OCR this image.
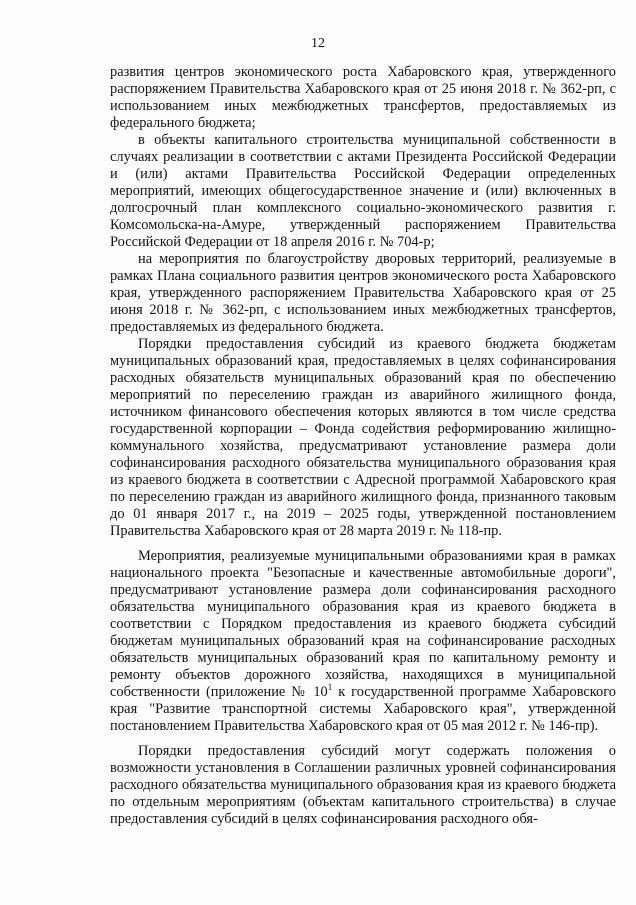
12

развития центров экономического роста Хабаровского края, утвержденного распоряжением Правительства Хабаровского края от 25 июня 2018 г. № 362-рп, с использованием иных межбюджетных трансфертов, предоставляемых из федерального бюджета;

в объекты капитального строительства муниципальной собственности в случаях реализации в соответствии с актами Президента Российской Федерации и (или) актами Правительства Российской Федерации определенных мероприятий, имеющих общегосударственное значение и (или) включенных в долгосрочный план комплексного социально-экономического развития г. Комсомольска-на-Амуре, утвержденный распоряжением Правительства Российской Федерации от 18 апреля 2016 г. № 704-р;

на мероприятия по благоустройству дворовых территорий, реализуемые в рамках Плана социального развития центров экономического роста Хабаровского края, утвержденного распоряжением Правительства Хабаровского края от 25 июня 2018 г. № 362-рп, с использованием иных межбюджетных трансфертов, предоставляемых из федерального бюджета.

Порядки предоставления субсидий из краевого бюджета бюджетам муниципальных образований края, предоставляемых в целях софинансирования расходных обязательств муниципальных образований края по обеспечению мероприятий по переселению граждан из аварийного жилищного фонда, источником финансового обеспечения которых являются в том числе средства государственной корпорации – Фонда содействия реформированию жилищно-коммунального хозяйства, предусматривают установление размера доли софинансирования расходного обязательства муниципального образования края из краевого бюджета в соответствии с Адресной программой Хабаровского края по переселению граждан из аварийного жилищного фонда, признанного таковым до 01 января 2017 г., на 2019 – 2025 годы, утвержденной постановлением Правительства Хабаровского края от 28 марта 2019 г. № 118-пр.

Мероприятия, реализуемые муниципальными образованиями края в рамках национального проекта "Безопасные и качественные автомобильные дороги", предусматривают установление размера доли софинансирования расходного обязательства муниципального образования края из краевого бюджета в соответствии с Порядком предоставления из краевого бюджета субсидий бюджетам муниципальных образований края на софинансирование расходных обязательств муниципальных образований края по капитальному ремонту и ремонту объектов дорожного хозяйства, находящихся в муниципальной собственности (приложение № $10^1$ к государственной программе Хабаровского края "Развитие транспортной системы Хабаровского края", утвержденной постановлением Правительства Хабаровского края от 05 мая 2012 г. № 146-пр).

Порядки предоставления субсидий могут содержать положения о возможности установления в Соглашении различных уровней софинансирования расходного обязательства муниципального образования края из краевого бюджета по отдельным мероприятиям (объектам капитального строительства) в случае предоставления субсидий в целях софинансирования расходного обя-
